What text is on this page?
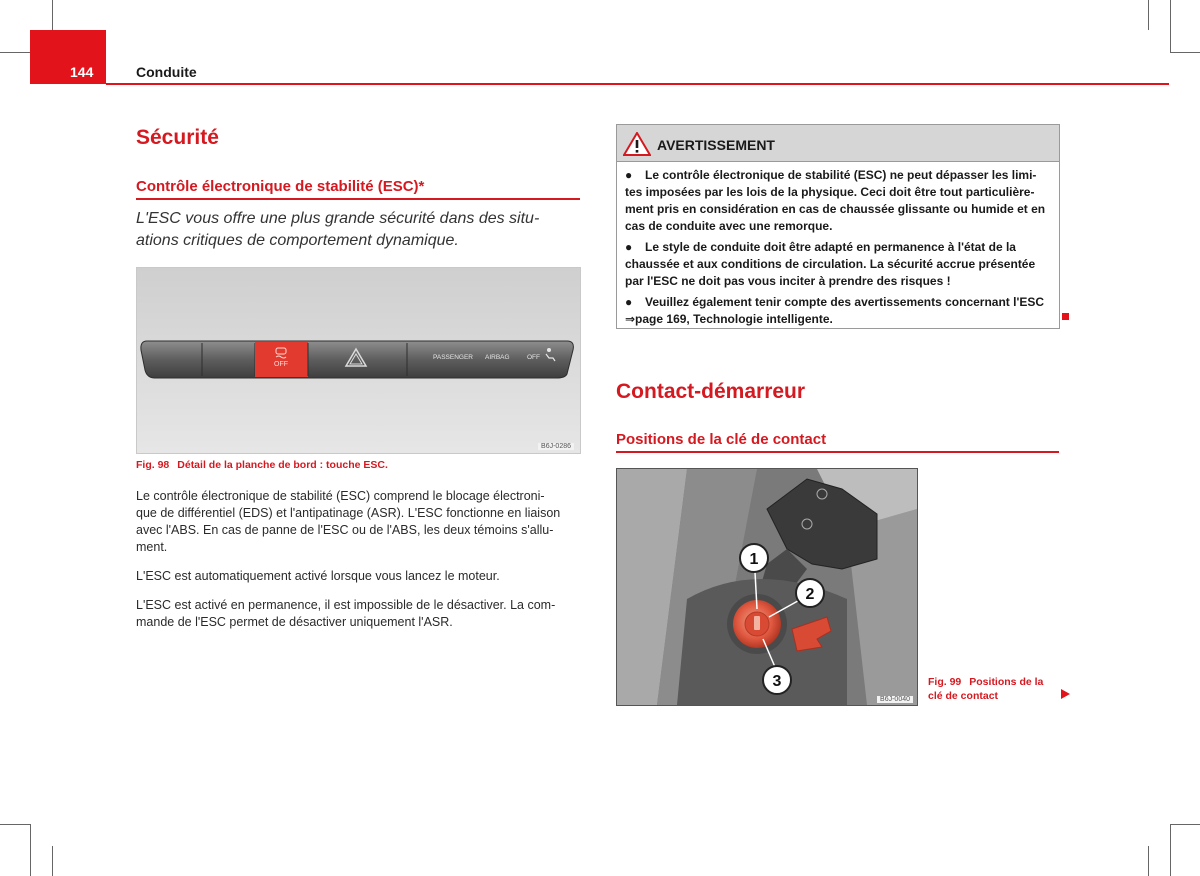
144	Conduite
Sécurité
Contrôle électronique de stabilité (ESC)*
L'ESC vous offre une plus grande sécurité dans des situ-
ations critiques de comportement dynamique.
OFF
PASSENGER AIRBAG	OFF
B6J-0286
Fig. 98 Détail de la planche de bord : touche ESC.
Le contrôle électronique de stabilité (ESC) comprend le blocage électroni-
que de différentiel (EDS) et l'antipatinage (ASR). L'ESC fonctionne en liaison
avec l'ABS. En cas de panne de l'ESC ou de l'ABS, les deux témoins s'allu-
ment.
L'ESC est automatiquement activé lorsque vous lancez le moteur.
L'ESC est activé en permanence, il est impossible de le désactiver. La com-
mande de l'ESC permet de désactiver uniquement l'ASR.
AVERTISSEMENT
● Le contrôle électronique de stabilité (ESC) ne peut dépasser les limi-
tes imposées par les lois de la physique. Ceci doit être tout particulière-
ment pris en considération en cas de chaussée glissante ou humide et en
cas de conduite avec une remorque.
● Le style de conduite doit être adapté en permanence à l'état de la
chaussée et aux conditions de circulation. La sécurité accrue présentée
par l'ESC ne doit pas vous inciter à prendre des risques !
● Veuillez également tenir compte des avertissements concernant l'ESC
⇒page 169, Technologie intelligente.
Contact-démarreur
Positions de la clé de contact
1
2
3
B6J-0040
Fig. 99 Positions de la
clé de contact
